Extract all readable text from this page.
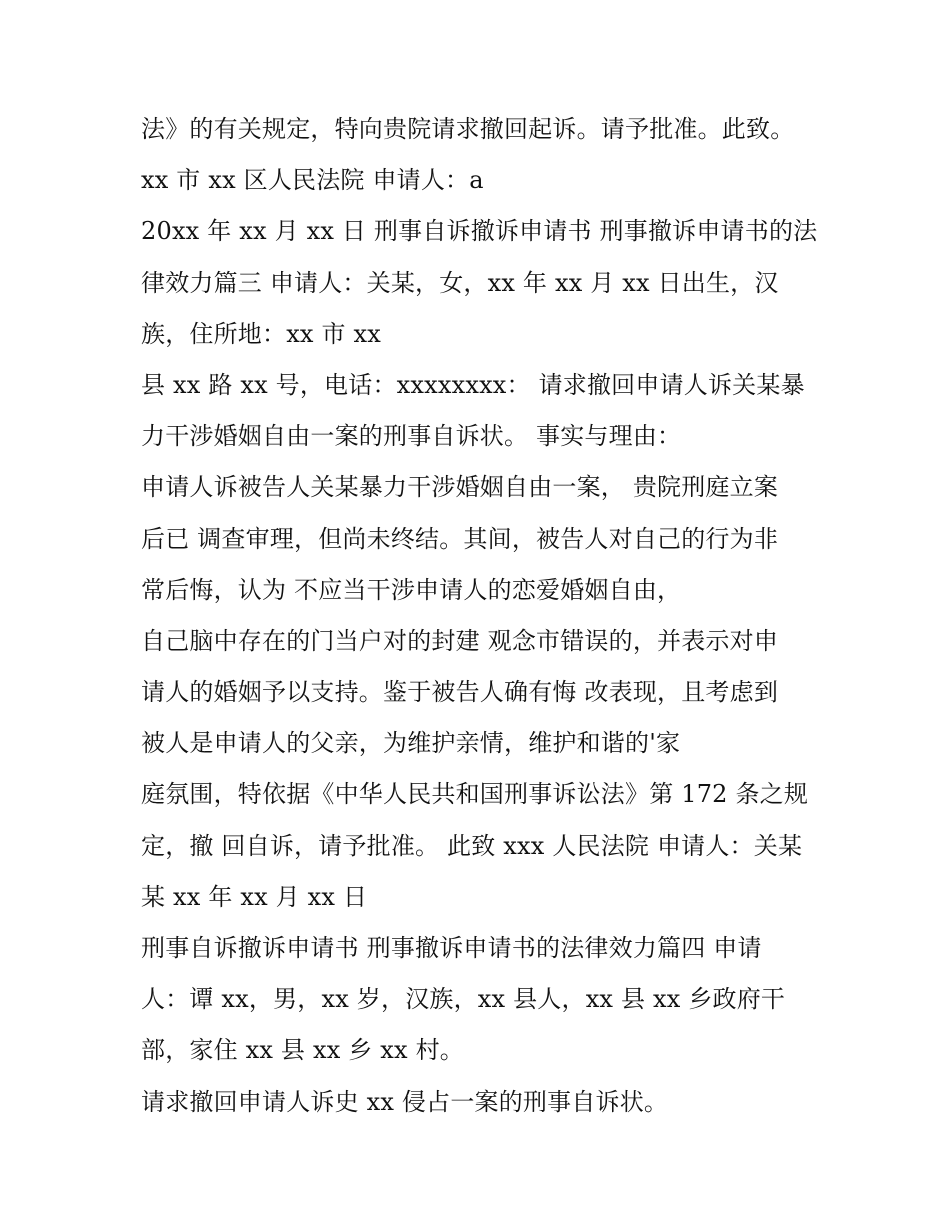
法》的有关规定，特向贵院请求撤回起诉。请予批准。此致。
xx 市 xx 区人民法院 申请人：a
20xx 年 xx 月 xx 日 刑事自诉撤诉申请书 刑事撤诉申请书的法
律效力篇三 申请人：关某，女，xx 年 xx 月 xx 日出生，汉
族，住所地：xx 市 xx
县 xx 路 xx 号，电话：xxxxxxxx： 请求撤回申请人诉关某暴
力干涉婚姻自由一案的刑事自诉状。 事实与理由：
申请人诉被告人关某暴力干涉婚姻自由一案， 贵院刑庭立案
后已 调查审理，但尚未终结。其间，被告人对自己的行为非
常后悔，认为 不应当干涉申请人的恋爱婚姻自由，
自己脑中存在的门当户对的封建 观念市错误的，并表示对申
请人的婚姻予以支持。鉴于被告人确有悔 改表现，且考虑到
被人是申请人的父亲，为维护亲情，维护和谐的'家
庭氛围，特依据《中华人民共和国刑事诉讼法》第 172 条之规
定，撤 回自诉，请予批准。 此致 xxx 人民法院 申请人：关某
某 xx 年 xx 月 xx 日
刑事自诉撤诉申请书 刑事撤诉申请书的法律效力篇四 申请
人：谭 xx，男，xx 岁，汉族，xx 县人，xx 县 xx 乡政府干
部，家住 xx 县 xx 乡 xx 村。
请求撤回申请人诉史 xx 侵占一案的刑事自诉状。
